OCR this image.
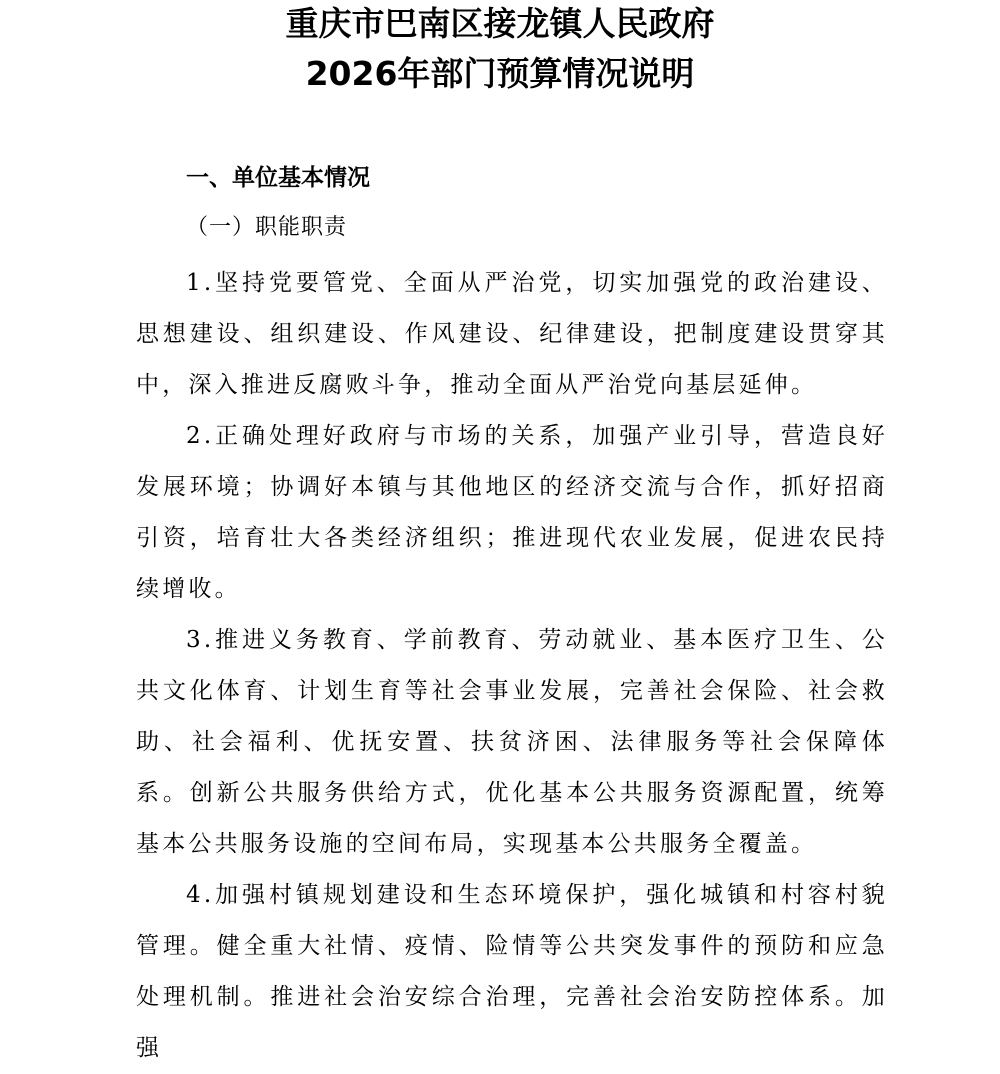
重庆市巴南区接龙镇人民政府
2026年部门预算情况说明
一、单位基本情况
（一）职能职责

1.坚持党要管党、全面从严治党，切实加强党的政治建设、思想建设、组织建设、作风建设、纪律建设，把制度建设贯穿其中，深入推进反腐败斗争，推动全面从严治党向基层延伸。

2.正确处理好政府与市场的关系，加强产业引导，营造良好发展环境；协调好本镇与其他地区的经济交流与合作，抓好招商引资，培育壮大各类经济组织；推进现代农业发展，促进农民持续增收。

3.推进义务教育、学前教育、劳动就业、基本医疗卫生、公共文化体育、计划生育等社会事业发展，完善社会保险、社会救助、社会福利、优抚安置、扶贫济困、法律服务等社会保障体系。创新公共服务供给方式，优化基本公共服务资源配置，统筹基本公共服务设施的空间布局，实现基本公共服务全覆盖。

4.加强村镇规划建设和生态环境保护，强化城镇和村容村貌管理。健全重大社情、疫情、险情等公共突发事件的预防和应急处理机制。推进社会治安综合治理，完善社会治安防控体系。加强
